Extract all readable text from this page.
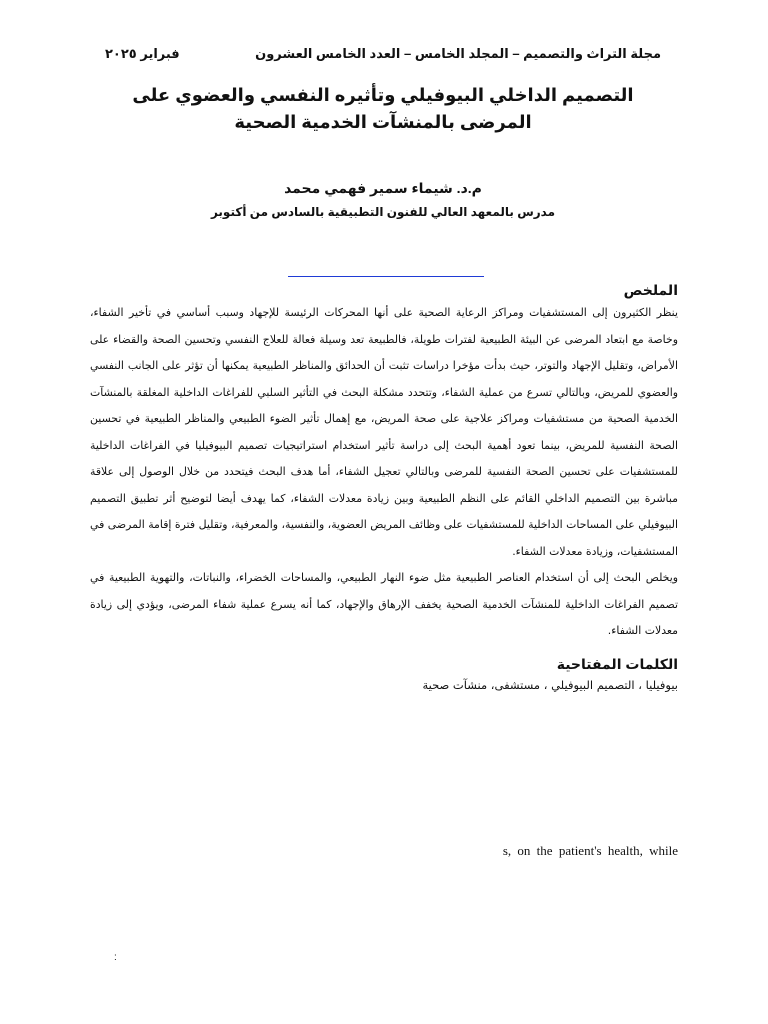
فبراير ٢٠٢٥	مجلة التراث والتصميم – المجلد الخامس – العدد الخامس العشرون
التصميم الداخلي البيوفيلي وتأثيره النفسي والعضوي على المرضى بالمنشآت الخدمية الصحية
م.د. شيماء سمير فهمي محمد
مدرس بالمعهد العالي للفنون التطبيقية بالسادس من أكتوبر
الملخص

ينظر الكثيرون إلى المستشفيات ومراكز الرعاية الصحية على أنها المحركات الرئيسة للإجهاد وسبب أساسي في تأخير الشفاء، وخاصة مع ابتعاد المرضى عن البيئة الطبيعية لفترات طويلة، فالطبيعة تعد وسيلة فعالة للعلاج النفسي وتحسين الصحة والقضاء على الأمراض، وتقليل الإجهاد والتوتر، حيث بدأت مؤخرا دراسات تثبت أن الحدائق والمناظر الطبيعية يمكنها أن تؤثر على الجانب النفسي والعضوي للمريض، وبالتالي تسرع من عملية الشفاء، وتتحدد مشكلة البحث في التأثير السلبي للفراغات الداخلية المغلقة بالمنشآت الخدمية الصحية من مستشفيات ومراكز علاجية على صحة المريض، مع إهمال تأثير الضوء الطبيعي والمناظر الطبيعية في تحسين الصحة النفسية للمريض، بينما تعود أهمية البحث إلى دراسة تأثير استخدام استراتيجيات تصميم البيوفيليا في الفراغات الداخلية للمستشفيات على تحسين الصحة النفسية للمرضى وبالتالي تعجيل الشفاء، أما هدف البحث فيتحدد من خلال الوصول إلى علاقة مباشرة بين التصميم الداخلي القائم على النظم الطبيعية وبين زيادة معدلات الشفاء، كما يهدف أيضا لتوضيح أثر تطبيق التصميم البيوفيلي على المساحات الداخلية للمستشفيات على وظائف المريض العضوية، والنفسية، والمعرفية، وتقليل فترة إقامة المرضى في المستشفيات، وزيادة معدلات الشفاء.

ويخلص البحث إلى أن استخدام العناصر الطبيعية مثل ضوء النهار الطبيعي، والمساحات الخضراء، والنباتات، والتهوية الطبيعية في تصميم الفراغات الداخلية للمنشآت الخدمية الصحية يخفف الإرهاق والإجهاد، كما أنه يسرع عملية شفاء المرضى، ويؤدي إلى زيادة معدلات الشفاء.

الكلمات المفتاحية
بيوفيليا ، التصميم البيوفيلي ، مستشفى، منشآت صحية
s, on the patient's health, while
:
